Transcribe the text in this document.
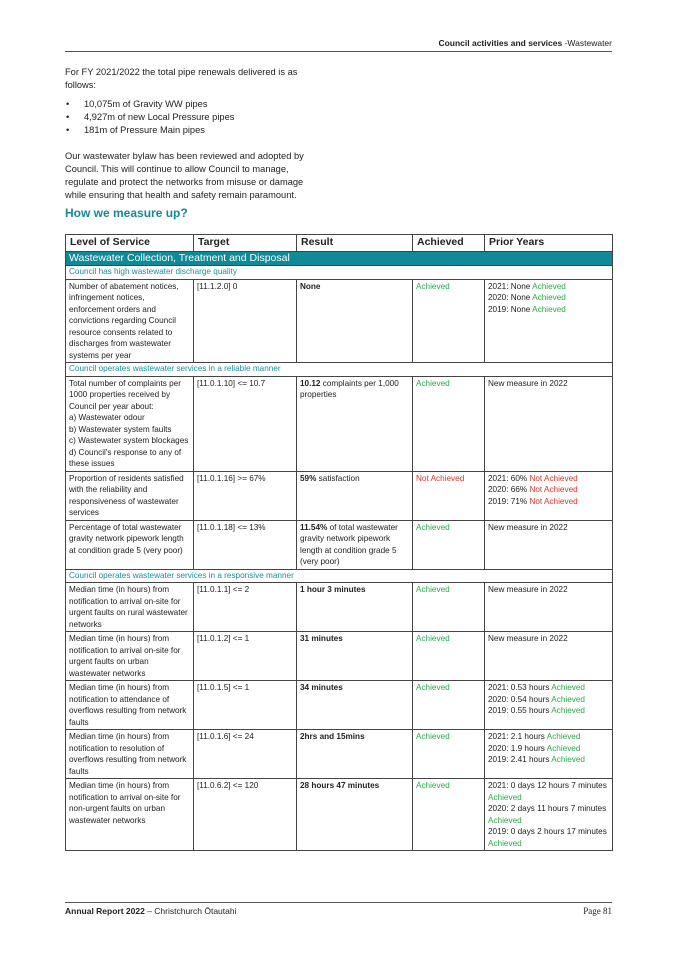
Council activities and services -Wastewater

For FY 2021/2022 the total pipe renewals delivered is as follows:

• 10,075m of Gravity WW pipes
• 4,927m of new Local Pressure pipes
• 181m of Pressure Main pipes

Our wastewater bylaw has been reviewed and adopted by Council. This will continue to allow Council to manage, regulate and protect the networks from misuse or damage while ensuring that health and safety remain paramount.

How we measure up?
Level of Service	Target	Result	Achieved	Prior Years
Wastewater Collection, Treatment and Disposal				
Council has high wastewater discharge quality				
Number of abatement notices, infringement notices, enforcement orders and convictions regarding Council resource consents related to discharges from wastewater systems per year	[11.1.2.0] 0	None	Achieved	2021: None Achieved
2020: None Achieved
2019: None Achieved

Council operates wastewater services in a reliable manner				

Total number of complaints per 1000 properties received by Council per year about:
a) Wastewater odour
b) Wastewater system faults
c) Wastewater system blockages
d) Council's response to any of these issues	[11.0.1.10] <= 10.7	10.12 complaints per 1,000 properties	Achieved	New measure in 2022
Proportion of residents satisfied with the reliability and responsiveness of wastewater services	[11.0.1.16] >= 67%	59% satisfaction	Not Achieved	2021: 60% Not Achieved
2020: 66% Not Achieved
2019: 71% Not Achieved

Percentage of total wastewater gravity network pipework length at condition grade 5 (very poor)	[11.0.1.18] <= 13%	11.54% of total wastewater gravity network pipework length at condition grade 5 (very poor)	Achieved	New measure in 2022
Council operates wastewater services in a responsive manner				
Median time (in hours) from notification to arrival on-site for urgent faults on rural wastewater networks	[11.0.1.1] <= 2	1 hour 3 minutes	Achieved	New measure in 2022
Median time (in hours) from notification to arrival on-site for urgent faults on urban wastewater networks	[11.0.1.2] <= 1	31 minutes	Achieved	New measure in 2022
Median time (in hours) from notification to attendance of overflows resulting from network faults	[11.0.1.5] <= 1	34 minutes	Achieved	2021: 0.53 hours Achieved
2020: 0.54 hours Achieved
2019: 0.55 hours Achieved

Median time (in hours) from notification to resolution of overflows resulting from network faults	[11.0.1.6] <= 24	2hrs and 15mins	Achieved	2021: 2.1 hours Achieved
2020: 1.9 hours Achieved
2019: 2.41 hours Achieved

Median time (in hours) from notification to arrival on-site for non-urgent faults on urban wastewater networks	[11.0.6.2] <= 120	28 hours 47 minutes	Achieved	2021: 0 days 12 hours 7 minutes Achieved
2020: 2 days 11 hours 7 minutes Achieved
2019: 0 days 2 hours 17 minutes Achieved
Annual Report 2022 – Christchurch Ōtautahi	Page 81
